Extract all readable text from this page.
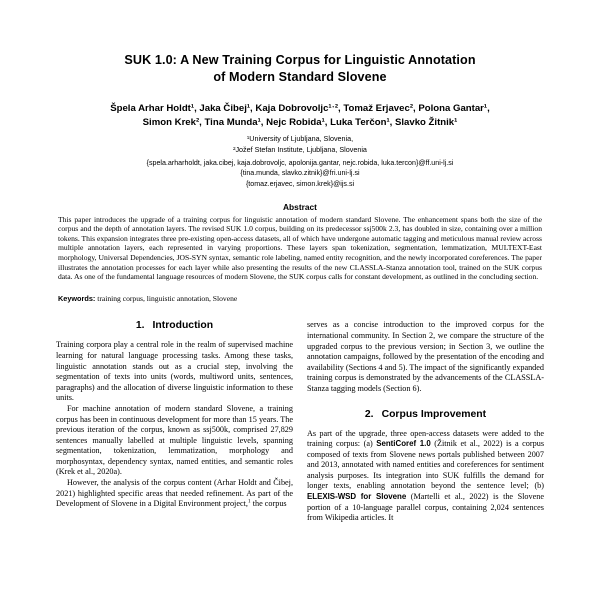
SUK 1.0: A New Training Corpus for Linguistic Annotation
of Modern Standard Slovene
Špela Arhar Holdt¹, Jaka Čibej¹, Kaja Dobrovoljc¹ˑ², Tomaž Erjavec², Polona Gantar¹,
Simon Krek², Tina Munda¹, Nejc Robida¹, Luka Terčon¹, Slavko Žitnik¹
¹University of Ljubljana, Slovenia,
²Jožef Stefan Institute, Ljubljana, Slovenia
{spela.arharholdt, jaka.cibej, kaja.dobrovoljc, apolonija.gantar, nejc.robida, luka.tercon}@ff.uni-lj.si
{tina.munda, slavko.zitnik}@fri.uni-lj.si
{tomaz.erjavec, simon.krek}@ijs.si
Abstract

This paper introduces the upgrade of a training corpus for linguistic annotation of modern standard Slovene. The enhancement spans both the size of the corpus and the depth of annotation layers. The revised SUK 1.0 corpus, building on its predecessor ssj500k 2.3, has doubled in size, containing over a million tokens. This expansion integrates three pre-existing open-access datasets, all of which have undergone automatic tagging and meticulous manual review across multiple annotation layers, each represented in varying proportions. These layers span tokenization, segmentation, lemmatization, MULTEXT-East morphology, Universal Dependencies, JOS-SYN syntax, semantic role labeling, named entity recognition, and the newly incorporated coreferences. The paper illustrates the annotation processes for each layer while also presenting the results of the new CLASSLA-Stanza annotation tool, trained on the SUK corpus data. As one of the fundamental language resources of modern Slovene, the SUK corpus calls for constant development, as outlined in the concluding section.

Keywords: training corpus, linguistic annotation, Slovene

1. Introduction

Training corpora play a central role in the realm of supervised machine learning for natural language processing tasks. Among these tasks, linguistic annotation stands out as a crucial step, involving the segmentation of texts into units (words, multiword units, sentences, paragraphs) and the allocation of diverse linguistic information to these units.

For machine annotation of modern standard Slovene, a training corpus has been in continuous development for more than 15 years. The previous iteration of the corpus, known as ssj500k, comprised 27,829 sentences manually labelled at multiple linguistic levels, spanning segmentation, tokenization, lemmatization, morphology and morphosyntax, dependency syntax, named entities, and semantic roles (Krek et al., 2020a).

However, the analysis of the corpus content (Arhar Holdt and Čibej, 2021) highlighted specific areas that needed refinement. As part of the Development of Slovene in a Digital Environment project,$^1$ the corpus

serves as a concise introduction to the improved corpus for the international community. In Section 2, we compare the structure of the upgraded corpus to the previous version; in Section 3, we outline the annotation campaigns, followed by the presentation of the encoding and availability (Sections 4 and 5). The impact of the significantly expanded training corpus is demonstrated by the advancements of the CLASSLA-Stanza tagging models (Section 6).

2. Corpus Improvement

As part of the upgrade, three open-access datasets were added to the training corpus: (a) SentiCoref 1.0 (Žitnik et al., 2022) is a corpus composed of texts from Slovene news portals published between 2007 and 2013, annotated with named entities and coreferences for sentiment analysis purposes. Its integration into SUK fulfills the demand for longer texts, enabling annotation beyond the sentence level; (b) ELEXIS-WSD for Slovene (Martelli et al., 2022) is the Slovene portion of a 10-language parallel corpus, containing 2,024 sentences from Wikipedia articles. It
